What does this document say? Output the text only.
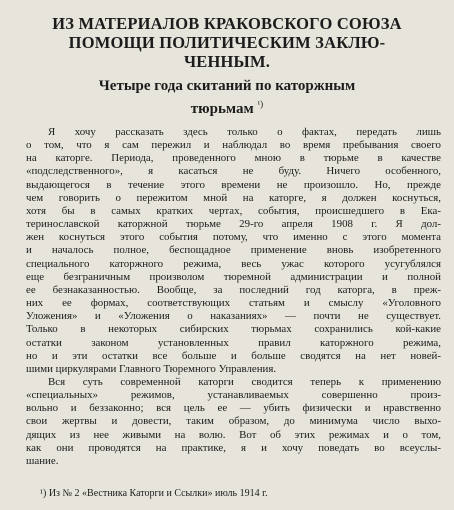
ИЗ МАТЕРИАЛОВ КРАКОВСКОГО СОЮЗА
ПОМОЩИ ПОЛИТИЧЕСКИМ ЗАКЛЮ-
ЧЕННЫМ.
Четыре года скитаний по каторжным
тюрьмам $^{^1)}$
Я хочу рассказать здесь только о фактах, передать лишь
о том, что я сам пережил и наблюдал во время пребывания своего
на каторге. Периода, проведенного мною в тюрьме в качестве
«подследственного», я касаться не буду. Ничего особенного,
выдающегося в течение этого времени не произошло. Но, прежде
чем говорить о пережитом мной на каторге, я должен коснуться,
хотя бы в самых кратких чертах, события, происшедшего в Ека-
теринославской каторжной тюрьме 29-го апреля 1908 г. Я дол-
жен коснуться этого события потому, что именно с этого момента
и началось полное, беспощадное применение вновь изобретенного
специального каторжного режима, весь ужас которого усугублялся
еще безграничным произволом тюремной администрации и полной
ее безнаказанностью. Вообще, за последний год каторга, в преж-
них ее формах, соответствующих статьям и смыслу «Уголовного
Уложения» и «Уложения о наказаниях» — почти не существует.
Только в некоторых сибирских тюрьмах сохранились кой-какие
остатки законом установленных правил каторжного режима,
но и эти остатки все больше и больше сводятся на нет новей-
шими циркулярами Главного Тюремного Управления.
Вся суть современной каторги сводится теперь к применению
«специальных» режимов, устанавливаемых совершенно произ-
вольно и беззаконно; вся цель ее — убить физически и нравственно
свои жертвы и довести, таким образом, до минимума число выхо-
дящих из нее живыми на волю. Вот об этих режимах и о том,
как они проводятся на практике, я и хочу поведать во всеуслы-
шание.
¹) Из № 2 «Вестника Каторги и Ссылки» июль 1914 г.
